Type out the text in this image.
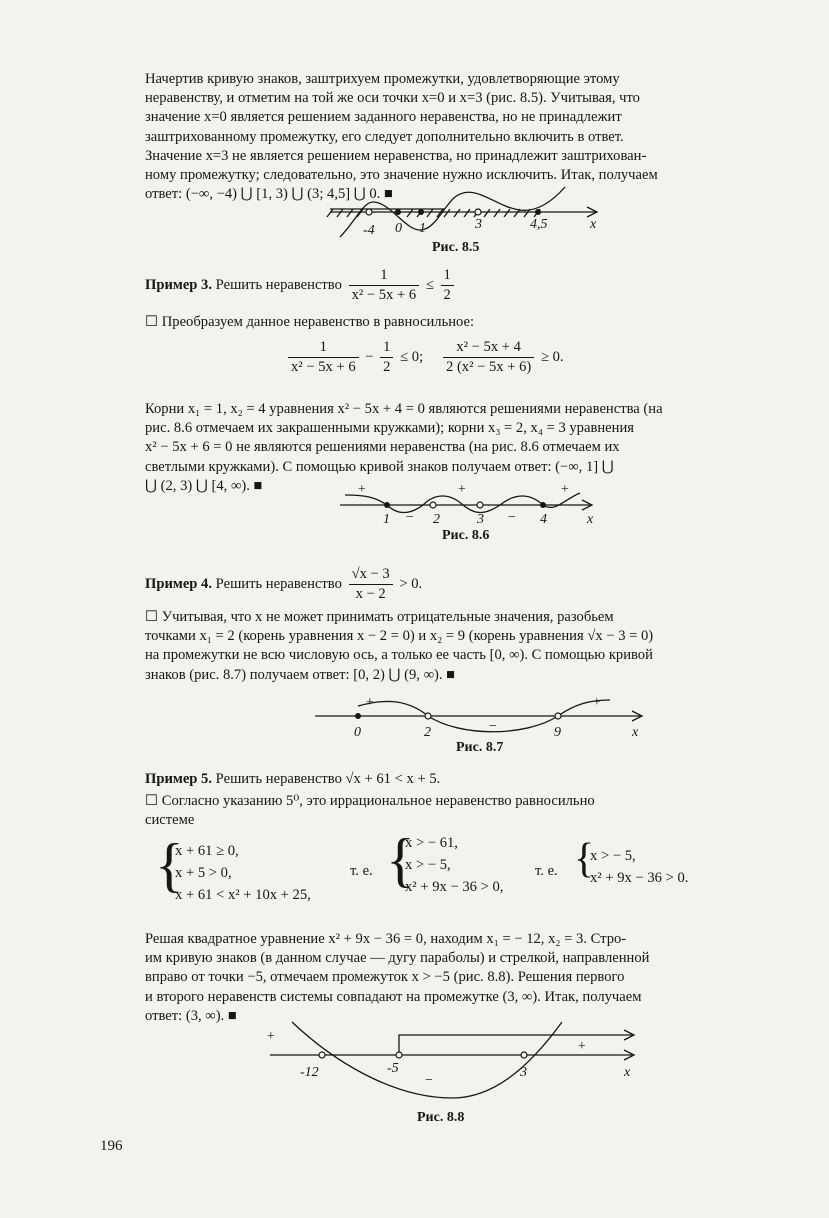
Начертив кривую знаков, заштрихуем промежутки, удовлетворяющие этому
неравенству, и отметим на той же оси точки x=0 и x=3 (рис. 8.5). Учитывая, что
значение x=0 является решением заданного неравенства, но не принадлежит
заштрихованному промежутку, его следует дополнительно включить в ответ.
Значение x=3 не является решением неравенства, но принадлежит заштрихован-
ному промежутку; следовательно, это значение нужно исключить. Итак, получаем
ответ: (−∞, −4) ⋃ [1, 3) ⋃ (3; 4,5] ⋃ 0. ■
-4 0 1	3	4,5	x
Рис. 8.5
Пример 3. Решить неравенство $\frac{1}{\text{x² − 5x + 6}} \le \frac{1}{2}$
☐ Преобразуем данное неравенство в равносильное:
$\frac{1}{\text{x² − 5x + 6}} - \frac{1}{2} \le 0$; $\frac{\text{x² − 5x + 4}}{\text{2 (x² − 5x + 6)}} \ge 0$.
Корни x₁ = 1, x₂ = 4 уравнения x² − 5x + 4 = 0 являются решениями неравенства (на
рис. 8.6 отмечаем их закрашенными кружками); корни x₃ = 2, x₄ = 3 уравнения
x² − 5x + 6 = 0 не являются решениями неравенства (на рис. 8.6 отмечаем их
светлыми кружками). С помощью кривой знаков получаем ответ: (−∞, 1] ⋃
⋃ (2, 3) ⋃ [4, ∞). ■	+
−
+
−
+
1	2	3	4	x
Рис. 8.6
Пример 4. Решить неравенство $\frac{√x - 3}{x - 2} > 0$.
☐ Учитывая, что x не может принимать отрицательные значения, разобьем
точками x₁ = 2 (корень уравнения x − 2 = 0) и x₂ = 9 (корень уравнения √x − 3 = 0)
на промежутки не всю числовую ось, а только ее часть [0, ∞). С помощью кривой
знаков (рис. 8.7) получаем ответ: [0, 2) ⋃ (9, ∞). ■
+
−
+
0	2	9	x
Рис. 8.7
Пример 5. Решить неравенство √x + 61 < x + 5.
☐ Согласно указанию 5⁰, это иррациональное неравенство равносильно
системе
{
x + 61 ≥ 0,
x + 5 > 0,
x + 61 < x² + 10x + 25,
т. е. {
x > − 61,
x > − 5,
x² + 9x − 36 > 0,
т. е. {
x > − 5,
x² + 9x − 36 > 0.
Решая квадратное уравнение x² + 9x − 36 = 0, находим x₁ = − 12, x₂ = 3. Стро-
им кривую знаков (в данном случае — дугу параболы) и стрелкой, направленной
вправо от точки −5, отмечаем промежуток x > −5 (рис. 8.8). Решения первого
и второго неравенств системы совпадают на промежутке (3, ∞). Итак, получаем
ответ: (3, ∞). ■
+
−
+
-12	-5	3	x
Рис. 8.8
196
